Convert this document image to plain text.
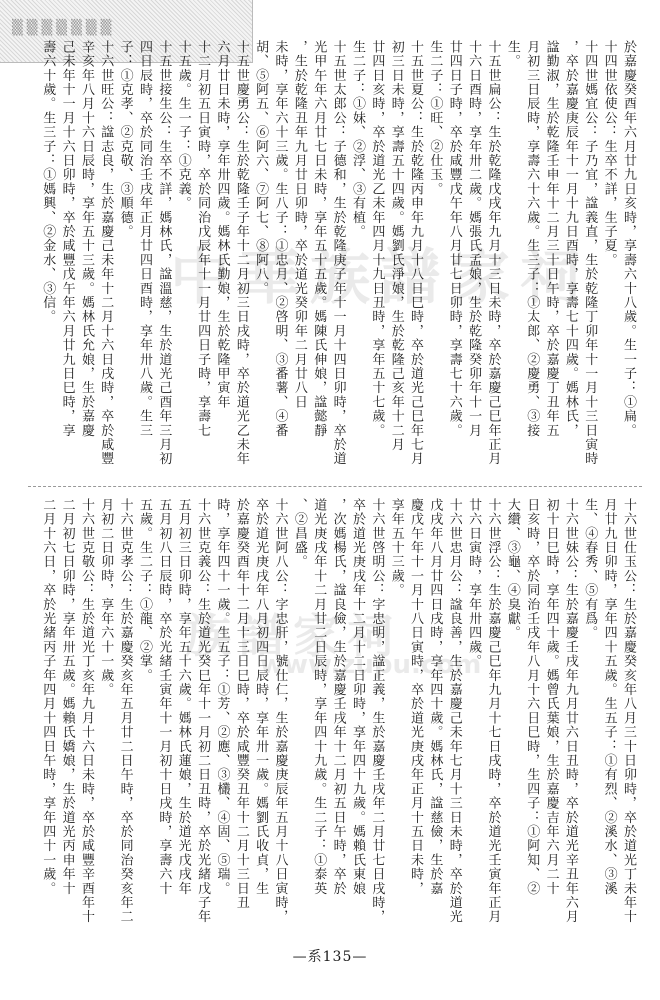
▒▒▒▒▒▒▒
中華族譜家祠
族譜家祠
www.zupu.com
於嘉慶癸酉年六月廿九日亥時，享壽六十八歲。生一子：①扁。
十四世依使公：生卒不詳，生子夏。
十四世媽宜公：子乃宜，諡義直，生於乾隆丁卯年十一月十三日寅時
，卒於嘉慶庚辰年十一月十九日酉時，享壽七十四歲。媽林氏，
諡勤淑，生於乾隆壬申年十二月三十日午時，卒於嘉慶丁丑年五
月初三日辰時，享壽六十六歲。生三子：①太郎、②慶勇、③接
生。
十五世扁公：生於乾隆戊戌年九月十三日未時，卒於嘉慶己巳年正月
十六日酉時，享年卅二歲。媽張氏孟娘，生於乾隆癸卯年十一月
廿四日子時，卒於咸豐戊午年八月廿七日卯時，享壽七十六歲。
生二子：①旺、②仕玉。
十五世夏公：生於乾隆丙申年九月十八日巳時，卒於道光己巳年七月
初三日未時，享壽五十四歲。媽劉氏淨娘，生於乾隆己亥年十二月
廿四日亥時，卒於道光乙未年四月十九日丑時，享年五十七歲。
生二子：①妹、②浮、③有植。
十五世太郎公：子德和，生於乾隆庚子年十一月十四日卯時，卒於道
光甲午年六月廿七日未時，享年五十五歲。媽陳氏伸娘，諡懿靜
，生於乾隆丑年九月廿日卯時，卒於道光癸卯年二月廿八日
未時，享年六十三歲。生八子：①忠月、②啓明、③番薯、④番
胡、⑤阿五、⑥阿六、⑦阿七、⑧阿八。
十五世慶勇公：生於乾隆壬子年十二月初三日戌時，卒於道光乙未年
六月廿日未時，享年卅四歲。媽林氏勤娘，生於乾隆甲寅年
十二月初五日寅時，卒於同治戊辰年十一月廿四日子時，享壽七
十五歲。生一子：①克義。
十五世接生公：生卒不詳，媽林氏，諡溫慈，生於道光己酉年三月初
四日辰時，卒於同治壬戌年正月廿四日酉時，享年卅八歲。生三
子：①克孝、②克敬、③順德。
十六世旺公：諡志良，生於嘉慶己未年十二月十六日戌時，卒於咸豐
辛亥年八月十六日辰時，享年五十三歲。媽林氏允娘，生於嘉慶
己未年十一月十六日卯時，卒於咸豐戊午年六月廿九日巳時，享
壽六十歲。生三子：①媽興、②金水、③信。
十六世仕玉公：生於嘉慶癸亥年八月三十日卯時，卒於道光丁未年十
月廿九日卯時，享年四十五歲。生五子：①有烈、②溪水、③溪
生、④春秀、⑤有爲。
十六世妹公：生於嘉慶壬戌年九月廿六日丑時，卒於道光辛丑年六月
初十日巳時，享年四十歲。媽曾氏葉娘，生於嘉慶吉年六月二十
日亥時，卒於同治壬戌年八月十六日巳時，生四子：①阿知、②
大纘、③龜、④臭獻。
十六世浮公：生於嘉慶己巳年九月十七日戌時，卒於道光壬寅年正月
廿六日寅時，享年卅四歲。
十六世忠月公：諡良善，生於嘉慶己未年七月十三日未時，卒於道光
戊戌年八月廿四日戌時，享年四十歲。媽林氏，諡慈儉，生於嘉
慶戊午年十一月十八日寅時，卒於道光庚戌年正月十五日未時，
享年五十三歲。
十六世啓明公：字忠明，諡正義，生於嘉慶壬戌年二月廿七日戌時，
卒於道光庚戌年十二月十二日卯時，享年四十九歲。媽賴氏東娘
，次媽楊氏，諡良儉，生於嘉慶壬戌年十二月初五日午時，卒於
道光庚戌年十二月廿二日辰時，享年四十九歲。生二子：①泰英
、②昌盛。
十六世阿八公：字忠肝，號仕仁，生於嘉慶庚辰年五月十八日寅時，
卒於道光庚戌年八月初四日辰時，享年卅一歲。媽劉氏收貞，生
於嘉慶癸酉年十二月十三日巳時，卒於咸豐癸丑年十二月十三日丑
時，享年四十一歲。生五子：①芳、②應、③欉、④固、⑤瑞。
十六世克義公：生於道光癸巳年十一月初二日丑時，卒於光緒戊子年
五月初三日卯時，享年五十六歲。媽林氏蓮娘，生於道光戊戌年
五月初八日辰時，卒於光緒壬寅年十一月初十日戌時，享壽六十
五歲。生二子：①龍、②掌。
十六世克孝公：生於嘉慶癸亥年五月廿二日午時，卒於同治癸亥年二
月初二日卯時，享年六十一歲。
十六世克敬公：生於道光丁亥年九月十六日未時，卒於咸豐辛酉年十
二月初七日卯時，享年卅五歲。媽賴氏嬌娘，生於道光丙申年十
二月十六日，卒於光緒丙子年四月十四日午時，享年四十一歲。
—系135—
